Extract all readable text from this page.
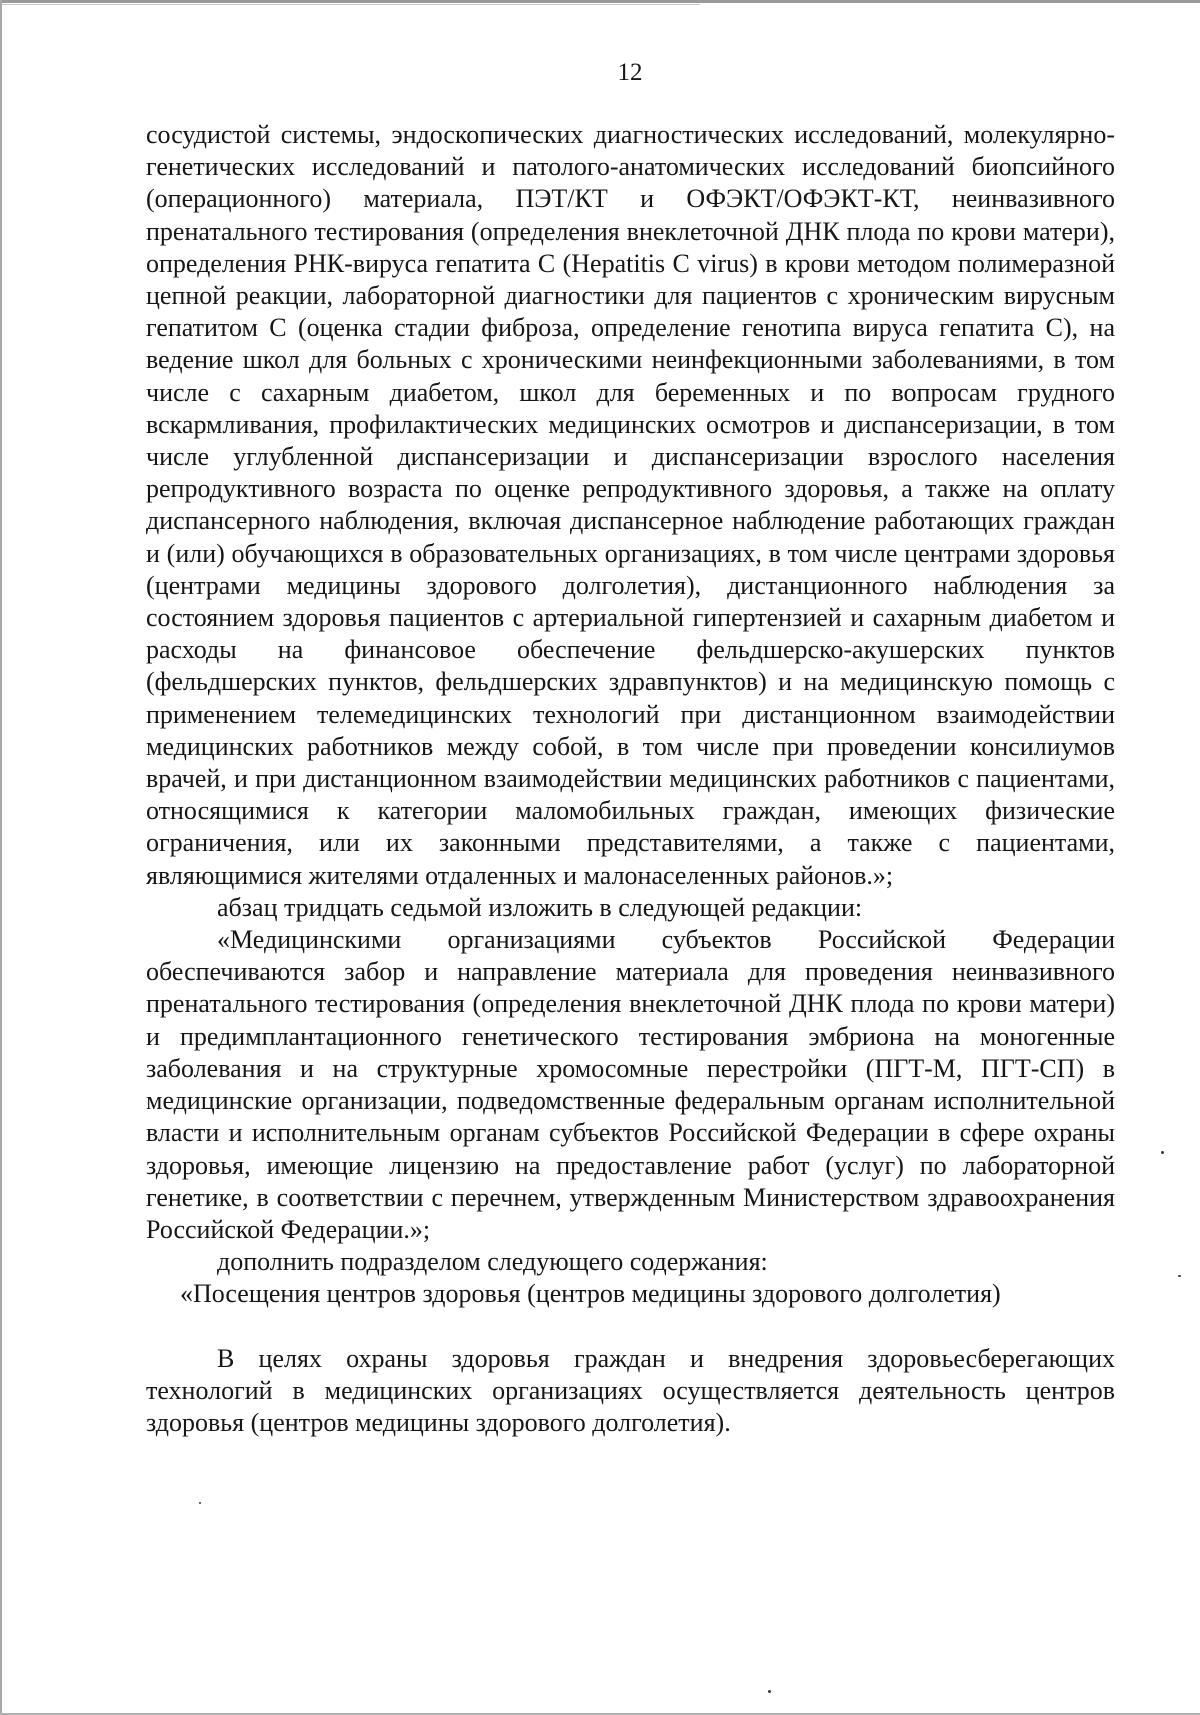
12

сосудистой системы, эндоскопических диагностических исследований, молекулярно-генетических исследований и патолого-анатомических исследований биопсийного (операционного) материала, ПЭТ/КТ и ОФЭКТ/ОФЭКТ-КТ, неинвазивного пренатального тестирования (определения внеклеточной ДНК плода по крови матери), определения РНК-вируса гепатита С (Hepatitis С virus) в крови методом полимеразной цепной реакции, лабораторной диагностики для пациентов с хроническим вирусным гепатитом С (оценка стадии фиброза, определение генотипа вируса гепатита С), на ведение школ для больных с хроническими неинфекционными заболеваниями, в том числе с сахарным диабетом, школ для беременных и по вопросам грудного вскармливания, профилактических медицинских осмотров и диспансеризации, в том числе углубленной диспансеризации и диспансеризации взрослого населения репродуктивного возраста по оценке репродуктивного здоровья, а также на оплату диспансерного наблюдения, включая диспансерное наблюдение работающих граждан и (или) обучающихся в образовательных организациях, в том числе центрами здоровья (центрами медицины здорового долголетия), дистанционного наблюдения за состоянием здоровья пациентов с артериальной гипертензией и сахарным диабетом и расходы на финансовое обеспечение фельдшерско-акушерских пунктов (фельдшерских пунктов, фельдшерских здравпунктов) и на медицинскую помощь с применением телемедицинских технологий при дистанционном взаимодействии медицинских работников между собой, в том числе при проведении консилиумов врачей, и при дистанционном взаимодействии медицинских работников с пациентами, относящимися к категории маломобильных граждан, имеющих физические ограничения, или их законными представителями, а также с пациентами, являющимися жителями отдаленных и малонаселенных районов.»;

абзац тридцать седьмой изложить в следующей редакции:

«Медицинскими организациями субъектов Российской Федерации обеспечиваются забор и направление материала для проведения неинвазивного пренатального тестирования (определения внеклеточной ДНК плода по крови матери) и предимплантационного генетического тестирования эмбриона на моногенные заболевания и на структурные хромосомные перестройки (ПГТ-М, ПГТ-СП) в медицинские организации, подведомственные федеральным органам исполнительной власти и исполнительным органам субъектов Российской Федерации в сфере охраны здоровья, имеющие лицензию на предоставление работ (услуг) по лабораторной генетике, в соответствии с перечнем, утвержденным Министерством здравоохранения Российской Федерации.»;

дополнить подразделом следующего содержания:

«Посещения центров здоровья (центров медицины здорового долголетия)

В целях охраны здоровья граждан и внедрения здоровьесберегающих технологий в медицинских организациях осуществляется деятельность центров здоровья (центров медицины здорового долголетия).
